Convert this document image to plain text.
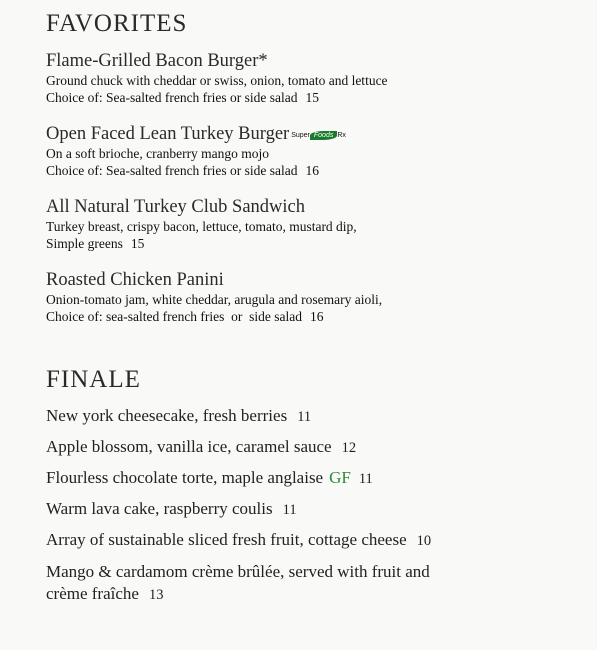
FAVORITES
Flame-Grilled Bacon Burger*
Ground chuck with cheddar or swiss, onion, tomato and lettuce
Choice of: Sea-salted french fries or side salad 15
Open Faced Lean Turkey Burger Super Foods Rx
On a soft brioche, cranberry mango mojo
Choice of: Sea-salted french fries or side salad 16
All Natural Turkey Club Sandwich
Turkey breast, crispy bacon, lettuce, tomato, mustard dip,
Simple greens 15
Roasted Chicken Panini
Onion-tomato jam, white cheddar, arugula and rosemary aioli,
Choice of: sea-salted french fries  or  side salad 16
FINALE
New york cheesecake, fresh berries 11
Apple blossom, vanilla ice, caramel sauce 12
Flourless chocolate torte, maple anglaise GF 11
Warm lava cake, raspberry coulis 11
Array of sustainable sliced fresh fruit, cottage cheese 10
Mango & cardamom crème brûlée, served with fruit and
crème fraîche 13
